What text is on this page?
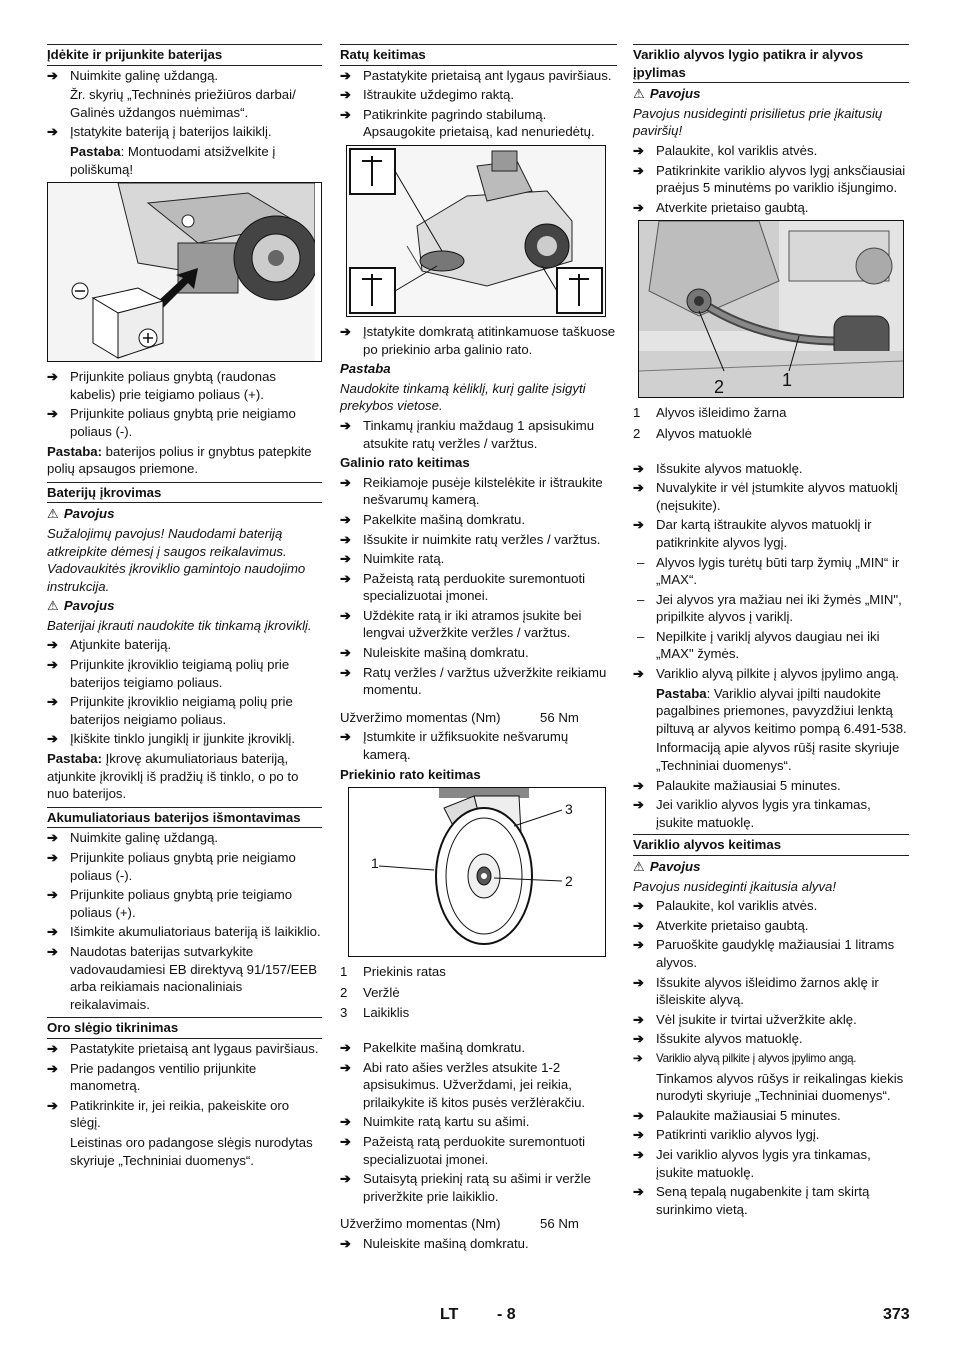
Įdėkite ir prijunkite baterijas
➔ Nuimkite galinę uždangą.
Žr. skyrių „Techninės priežiūros darbai/ Galinės uždangos nuėmimas“.
➔ Įstatykite bateriją į baterijos laikiklį.
Pastaba: Montuodami atsižvelkite į poliškumą!
➔ Prijunkite poliaus gnybtą (raudonas kabelis) prie teigiamo poliaus (+).
➔ Prijunkite poliaus gnybtą prie neigiamo poliaus (-).
Pastaba: baterijos polius ir gnybtus patepkite polių apsaugos priemone.
Baterijų įkrovimas
⚠ Pavojus
Sužalojimų pavojus! Naudodami bateriją atkreipkite dėmesį į saugos reikalavimus. Vadovaukitės įkroviklio gamintojo naudojimo instrukcija.
⚠ Pavojus
Baterijai įkrauti naudokite tik tinkamą įkroviklį.
➔ Atjunkite bateriją.
➔ Prijunkite įkroviklio teigiamą polių prie baterijos teigiamo poliaus.
➔ Prijunkite įkroviklio neigiamą polių prie baterijos neigiamo poliaus.
➔ Įkiškite tinklo jungiklį ir įjunkite įkroviklį.
Pastaba: Įkrovę akumuliatoriaus bateriją, atjunkite įkroviklį iš pradžių iš tinklo, o po to nuo baterijos.
Akumuliatoriaus baterijos išmontavimas
➔ Nuimkite galinę uždangą.
➔ Prijunkite poliaus gnybtą prie neigiamo poliaus (-).
➔ Prijunkite poliaus gnybtą prie teigiamo poliaus (+).
➔ Išimkite akumuliatoriaus bateriją iš laikiklio.
➔ Naudotas baterijas sutvarkykite vadovaudamiesi EB direktyvą 91/157/EEB arba reikiamais nacionaliniais reikalavimais.
Oro slėgio tikrinimas
➔ Pastatykite prietaisą ant lygaus paviršiaus.
➔ Prie padangos ventilio prijunkite manometrą.
➔ Patikrinkite ir, jei reikia, pakeiskite oro slėgį.
Leistinas oro padangose slėgis nurodytas skyriuje „Techniniai duomenys“.
Ratų keitimas
➔ Pastatykite prietaisą ant lygaus paviršiaus.
➔ Ištraukite uždegimo raktą.
➔ Patikrinkite pagrindo stabilumą. Apsaugokite prietaisą, kad nenuriedėtų.
➔ Įstatykite domkratą atitinkamuose taškuose po priekinio arba galinio rato.
Pastaba
Naudokite tinkamą kėliklį, kurį galite įsigyti prekybos vietose.
➔ Tinkamų įrankiu maždaug 1 apsisukimu atsukite ratų veržles / varžtus.
Galinio rato keitimas
➔ Reikiamoje pusėje kilstelėkite ir ištraukite nešvarumų kamerą.
➔ Pakelkite mašiną domkratu.
➔ Išsukite ir nuimkite ratų veržles / varžtus.
➔ Nuimkite ratą.
➔ Pažeistą ratą perduokite suremontuoti specializuotai įmonei.
➔ Uždėkite ratą ir iki atramos įsukite bei lengvai užveržkite veržles / varžtus.
➔ Nuleiskite mašiną domkratu.
➔ Ratų veržles / varžtus užveržkite reikiamu momentu.
Užveržimo momentas (Nm)	56 Nm
➔ Įstumkite ir užfiksuokite nešvarumų kamerą.
Priekinio rato keitimas
1
2
3
1	Priekinis ratas
2	Veržlė
3	Laikiklis
➔ Pakelkite mašiną domkratu.
➔ Abi rato ašies veržles atsukite 1-2 apsisukimus. Užverždami, jei reikia, prilaikykite iš kitos pusės veržlėrakčiu.
➔ Nuimkite ratą kartu su ašimi.
➔ Pažeistą ratą perduokite suremontuoti specializuotai įmonei.
➔ Sutaisytą priekinį ratą su ašimi ir veržle priveržkite prie laikiklio.
Užveržimo momentas (Nm)	56 Nm
➔ Nuleiskite mašiną domkratu.
Variklio alyvos lygio patikra ir alyvos įpylimas
⚠ Pavojus
Pavojus nusideginti prisilietus prie įkaitusių paviršių!
➔ Palaukite, kol variklis atvės.
➔ Patikrinkite variklio alyvos lygį anksčiausiai praėjus 5 minutėms po variklio išjungimo.
➔ Atverkite prietaiso gaubtą.
2	1
1	Alyvos išleidimo žarna
2	Alyvos matuoklė
➔ Išsukite alyvos matuoklę.
➔ Nuvalykite ir vėl įstumkite alyvos matuoklį (neįsukite).
➔ Dar kartą ištraukite alyvos matuoklį ir patikrinkite alyvos lygį.
– Alyvos lygis turėtų būti tarp žymių „MIN“ ir „MAX“.
– Jei alyvos yra mažiau nei iki žymės „MIN", pripilkite alyvos į variklį.
– Nepilkite į variklį alyvos daugiau nei iki „MAX" žymės.
➔ Variklio alyvą pilkite į alyvos įpylimo angą.
Pastaba: Variklio alyvai įpilti naudokite pagalbines priemones, pavyzdžiui lenktą piltuvą ar alyvos keitimo pompą 6.491-538.
Informaciją apie alyvos rūšį rasite skyriuje „Techniniai duomenys“.
➔ Palaukite mažiausiai 5 minutes.
➔ Jei variklio alyvos lygis yra tinkamas, įsukite matuoklę.
Variklio alyvos keitimas
⚠ Pavojus
Pavojus nusideginti įkaitusia alyva!
➔ Palaukite, kol variklis atvės.
➔ Atverkite prietaiso gaubtą.
➔ Paruoškite gaudyklę mažiausiai 1 litrams alyvos.
➔ Išsukite alyvos išleidimo žarnos aklę ir išleiskite alyvą.
➔ Vėl įsukite ir tvirtai užveržkite aklę.
➔ Išsukite alyvos matuoklę.
➔	Variklio alyvą pilkite į alyvos įpylimo angą.
Tinkamos alyvos rūšys ir reikalingas kiekis nurodyti skyriuje „Techniniai duomenys“.
➔ Palaukite mažiausiai 5 minutes.
➔ Patikrinti variklio alyvos lygį.
➔ Jei variklio alyvos lygis yra tinkamas, įsukite matuoklę.
➔ Seną tepalą nugabenkite į tam skirtą surinkimo vietą.
LT - 8	373
